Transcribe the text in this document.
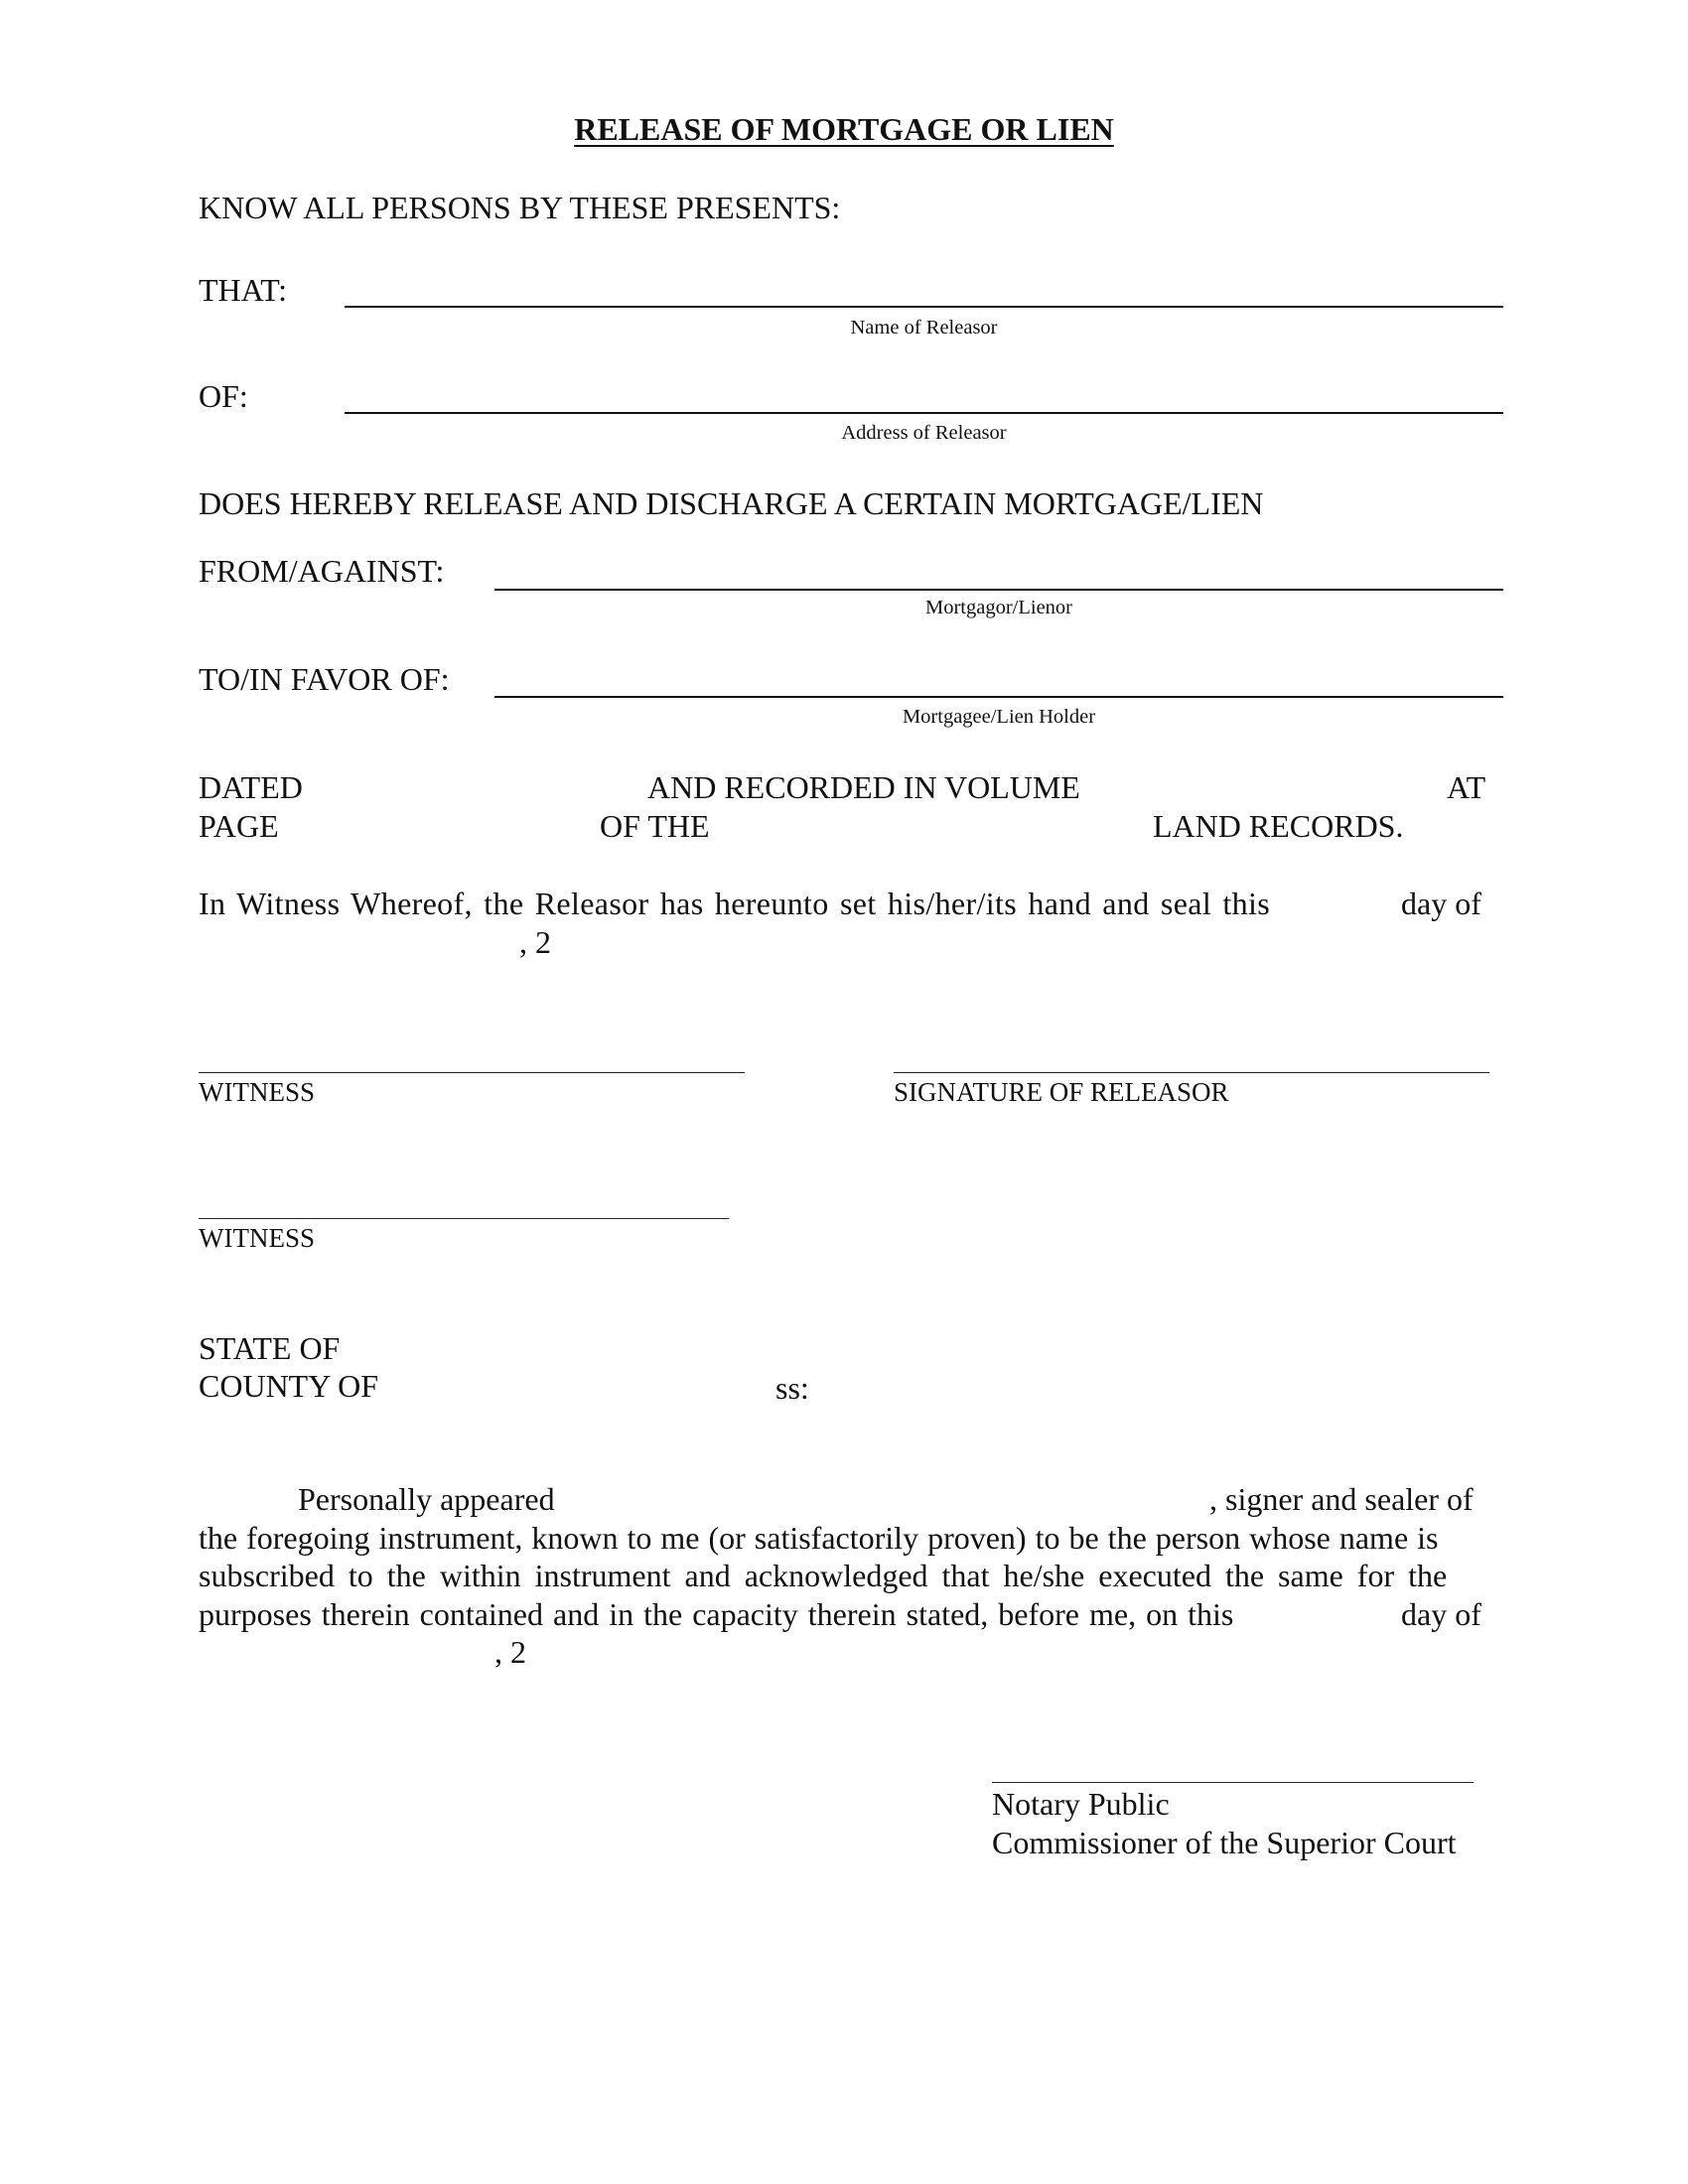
RELEASE OF MORTGAGE OR LIEN
KNOW ALL PERSONS BY THESE PRESENTS:
THAT:
Name of Releasor
OF:
Address of Releasor
DOES HEREBY RELEASE AND DISCHARGE A CERTAIN MORTGAGE/LIEN
FROM/AGAINST:
Mortgagor/Lienor
TO/IN FAVOR OF:
Mortgagee/Lien Holder
DATED	AND RECORDED IN VOLUME	AT
PAGE	OF THE	LAND RECORDS.
In Witness Whereof, the Releasor has hereunto set his/her/its hand and seal this	day of
, 2
WITNESS	SIGNATURE OF RELEASOR
WITNESS
STATE OF
COUNTY OF	ss:
Personally appeared	, signer and sealer of
the foregoing instrument, known to me (or satisfactorily proven) to be the person whose name is
subscribed to the within instrument and acknowledged that he/she executed the same for the
purposes therein contained and in the capacity therein stated, before me, on this	day of
, 2
Notary Public
Commissioner of the Superior Court
